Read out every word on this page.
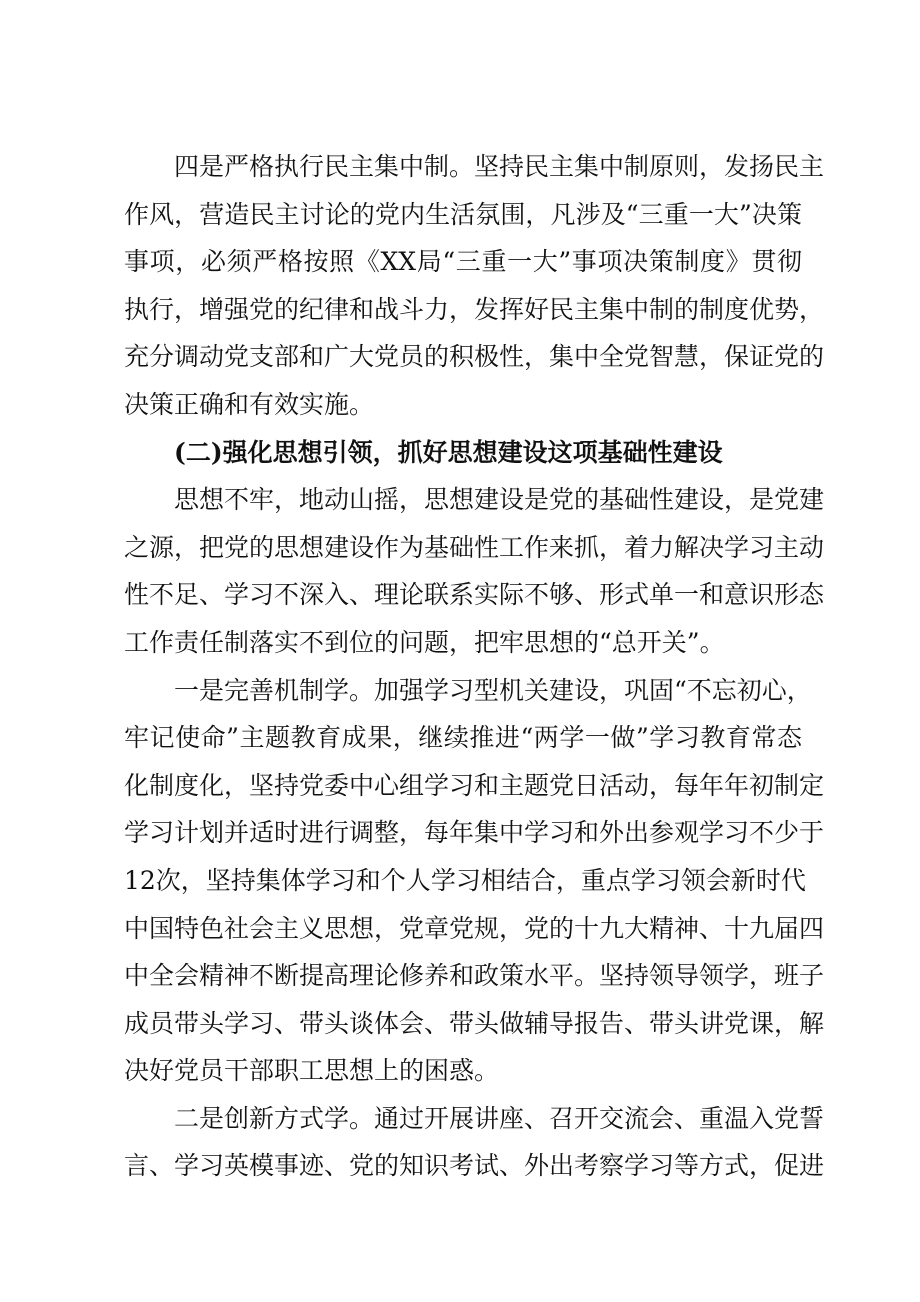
四是严格执行民主集中制。坚持民主集中制原则，发扬民主
作风，营造民主讨论的党内生活氛围，凡涉及“三重一大”决策
事项，必须严格按照《XX局“三重一大”事项决策制度》贯彻
执行，增强党的纪律和战斗力，发挥好民主集中制的制度优势，
充分调动党支部和广大党员的积极性，集中全党智慧，保证党的
决策正确和有效实施。
(二)强化思想引领，抓好思想建设这项基础性建设
思想不牢，地动山摇，思想建设是党的基础性建设，是党建
之源，把党的思想建设作为基础性工作来抓，着力解决学习主动
性不足、学习不深入、理论联系实际不够、形式单一和意识形态
工作责任制落实不到位的问题，把牢思想的“总开关”。
一是完善机制学。加强学习型机关建设，巩固“不忘初心，
牢记使命”主题教育成果，继续推进“两学一做”学习教育常态
化制度化，坚持党委中心组学习和主题党日活动，每年年初制定
学习计划并适时进行调整，每年集中学习和外出参观学习不少于
12次，坚持集体学习和个人学习相结合，重点学习领会新时代
中国特色社会主义思想，党章党规，党的十九大精神、十九届四
中全会精神不断提高理论修养和政策水平。坚持领导领学，班子
成员带头学习、带头谈体会、带头做辅导报告、带头讲党课，解
决好党员干部职工思想上的困惑。
二是创新方式学。通过开展讲座、召开交流会、重温入党誓
言、学习英模事迹、党的知识考试、外出考察学习等方式，促进
